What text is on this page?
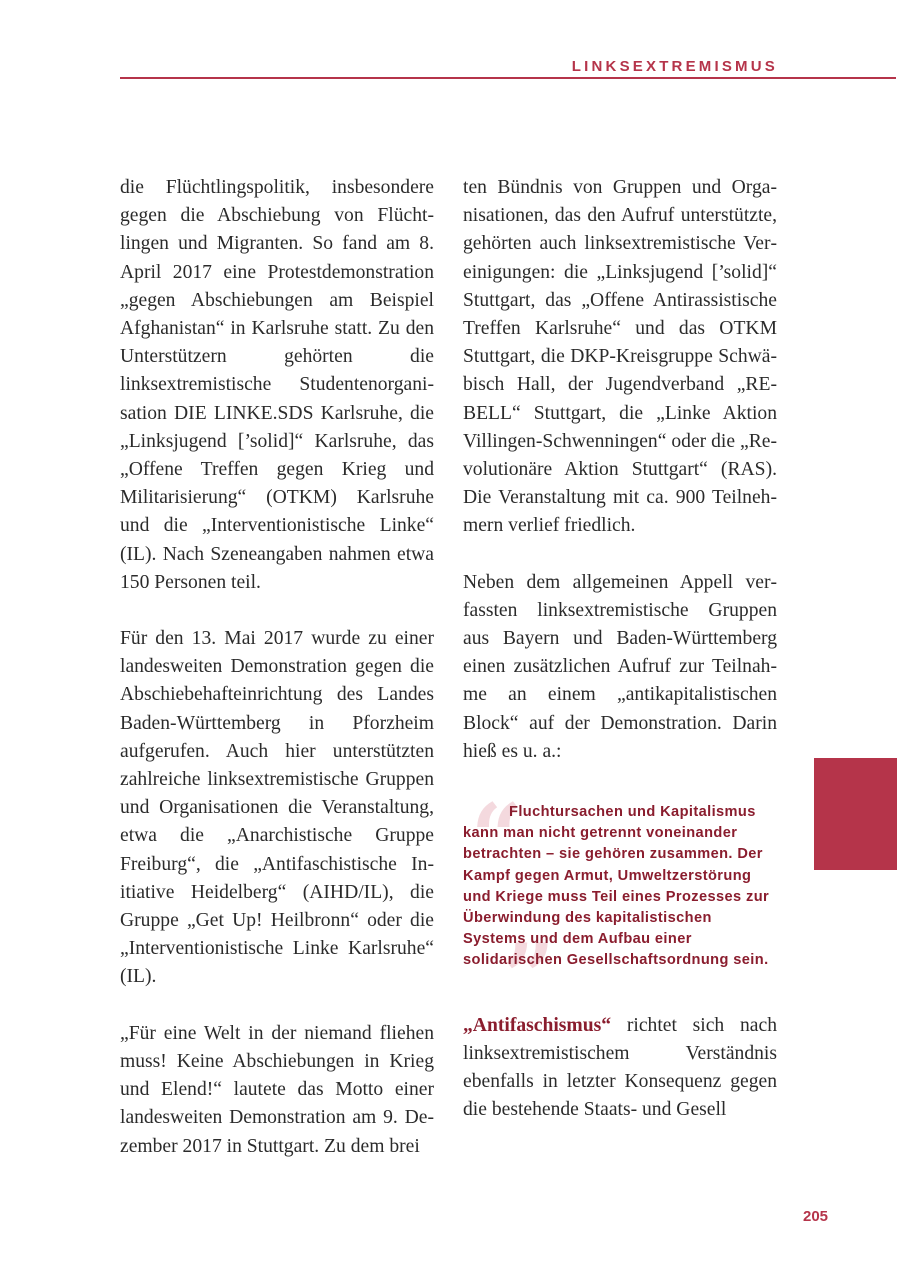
LINKSEXTREMISMUS

die Flüchtlingspolitik, insbesondere gegen die Abschiebung von Flüchtlingen und Migranten. So fand am 8. April 2017 eine Protestdemonstration „gegen Abschiebungen am Beispiel Afghanistan“ in Karlsruhe statt. Zu den Unterstützern gehörten die linksextremistische Studentenorganisation DIE LINKE.SDS Karlsruhe, die „Linksjugend [’solid]“ Karlsruhe, das „Offene Treffen gegen Krieg und Militarisierung“ (OTKM) Karlsruhe und die „Interventionistische Linke“ (IL). Nach Szeneangaben nahmen etwa 150 Personen teil.

Für den 13. Mai 2017 wurde zu einer landesweiten Demonstration gegen die Abschiebehafteinrichtung des Landes Baden-Württemberg in Pforzheim aufgerufen. Auch hier unterstützten zahlreiche linksextremistische Gruppen und Organisationen die Veranstaltung, etwa die „Anarchistische Gruppe Freiburg“, die „Antifaschistische Initiative Heidelberg“ (AIHD/IL), die Gruppe „Get Up! Heilbronn“ oder die „Interventionistische Linke Karlsruhe“ (IL).

„Für eine Welt in der niemand fliehen muss! Keine Abschiebungen in Krieg und Elend!“ lautete das Motto einer landesweiten Demonstration am 9. Dezember 2017 in Stuttgart. Zu dem brei

ten Bündnis von Gruppen und Organisationen, das den Aufruf unterstützte, gehörten auch linksextremistische Vereinigungen: die „Linksjugend [’solid]“ Stuttgart, das „Offene Antirassistische Treffen Karlsruhe“ und das OTKM Stuttgart, die DKP-Kreisgruppe Schwäbisch Hall, der Jugendverband „REBELL“ Stuttgart, die „Linke Aktion Villingen-Schwenningen“ oder die „Revolutionäre Aktion Stuttgart“ (RAS). Die Veranstaltung mit ca. 900 Teilnehmern verlief friedlich.

Neben dem allgemeinen Appell verfassten linksextremistische Gruppen aus Bayern und Baden-Württemberg einen zusätzlichen Aufruf zur Teilnahme an einem „antikapitalistischen Block“ auf der Demonstration. Darin hieß es u. a.:

“
”
Fluchtursachen und Kapitalismus kann man nicht getrennt voneinander betrachten – sie gehören zusammen. Der Kampf gegen Armut, Umweltzerstörung und Kriege muss Teil eines Prozesses zur Überwindung des kapitalistischen Systems und dem Aufbau einer solidarischen Gesellschaftsordnung sein.

„Antifaschismus“ richtet sich nach linksextremistischem Verständnis ebenfalls in letzter Konsequenz gegen die bestehende Staats- und Gesell

205
